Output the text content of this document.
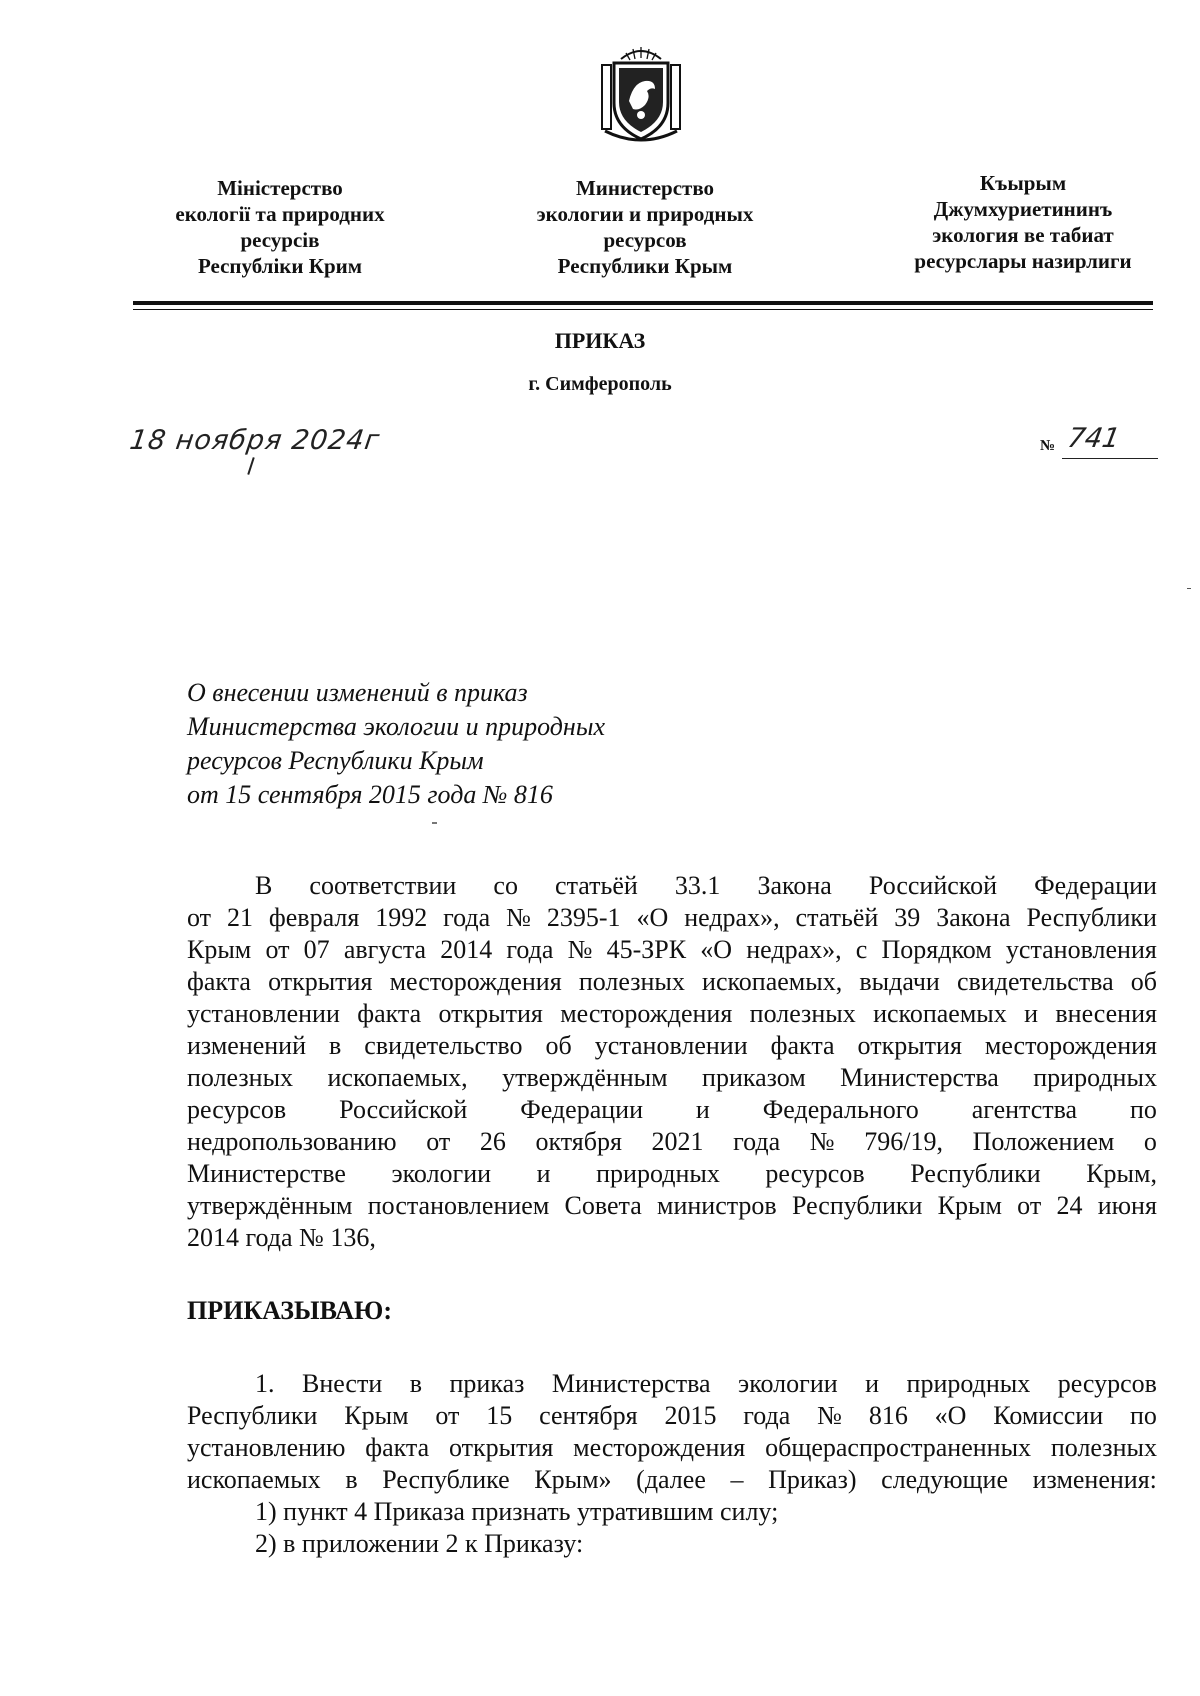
Міністерство
екології та природних
ресурсів
Республіки Крим
Министерство
экологии и природных
ресурсов
Республики Крым
Къырым
Джумхуриетининъ
экология ве табиат
ресурслары назирлиги
ПРИКАЗ
г. Симферополь
18 ноября 2024г	№ 741
О внесении изменений в приказ
Министерства экологии и природных
ресурсов Республики Крым
от 15 сентября 2015 года № 816
В соответствии со статьёй 33.1 Закона Российской Федерации
от 21 февраля 1992 года № 2395-1 «О недрах», статьёй 39 Закона Республики
Крым от 07 августа 2014 года № 45-ЗРК «О недрах», с Порядком установления
факта открытия месторождения полезных ископаемых, выдачи свидетельства об
установлении факта открытия месторождения полезных ископаемых и внесения
изменений в свидетельство об установлении факта открытия месторождения
полезных ископаемых, утверждённым приказом Министерства природных
ресурсов Российской Федерации и Федерального агентства по
недропользованию от 26 октября 2021 года № 796/19, Положением о
Министерстве экологии и природных ресурсов Республики Крым,
утверждённым постановлением Совета министров Республики Крым от 24 июня
2014 года № 136,
ПРИКАЗЫВАЮ:
1. Внести в приказ Министерства экологии и природных ресурсов
Республики Крым от 15 сентября 2015 года № 816 «О Комиссии по
установлению факта открытия месторождения общераспространенных полезных
ископаемых в Республике Крым» (далее – Приказ) следующие изменения:
1) пункт 4 Приказа признать утратившим силу;
2) в приложении 2 к Приказу:
